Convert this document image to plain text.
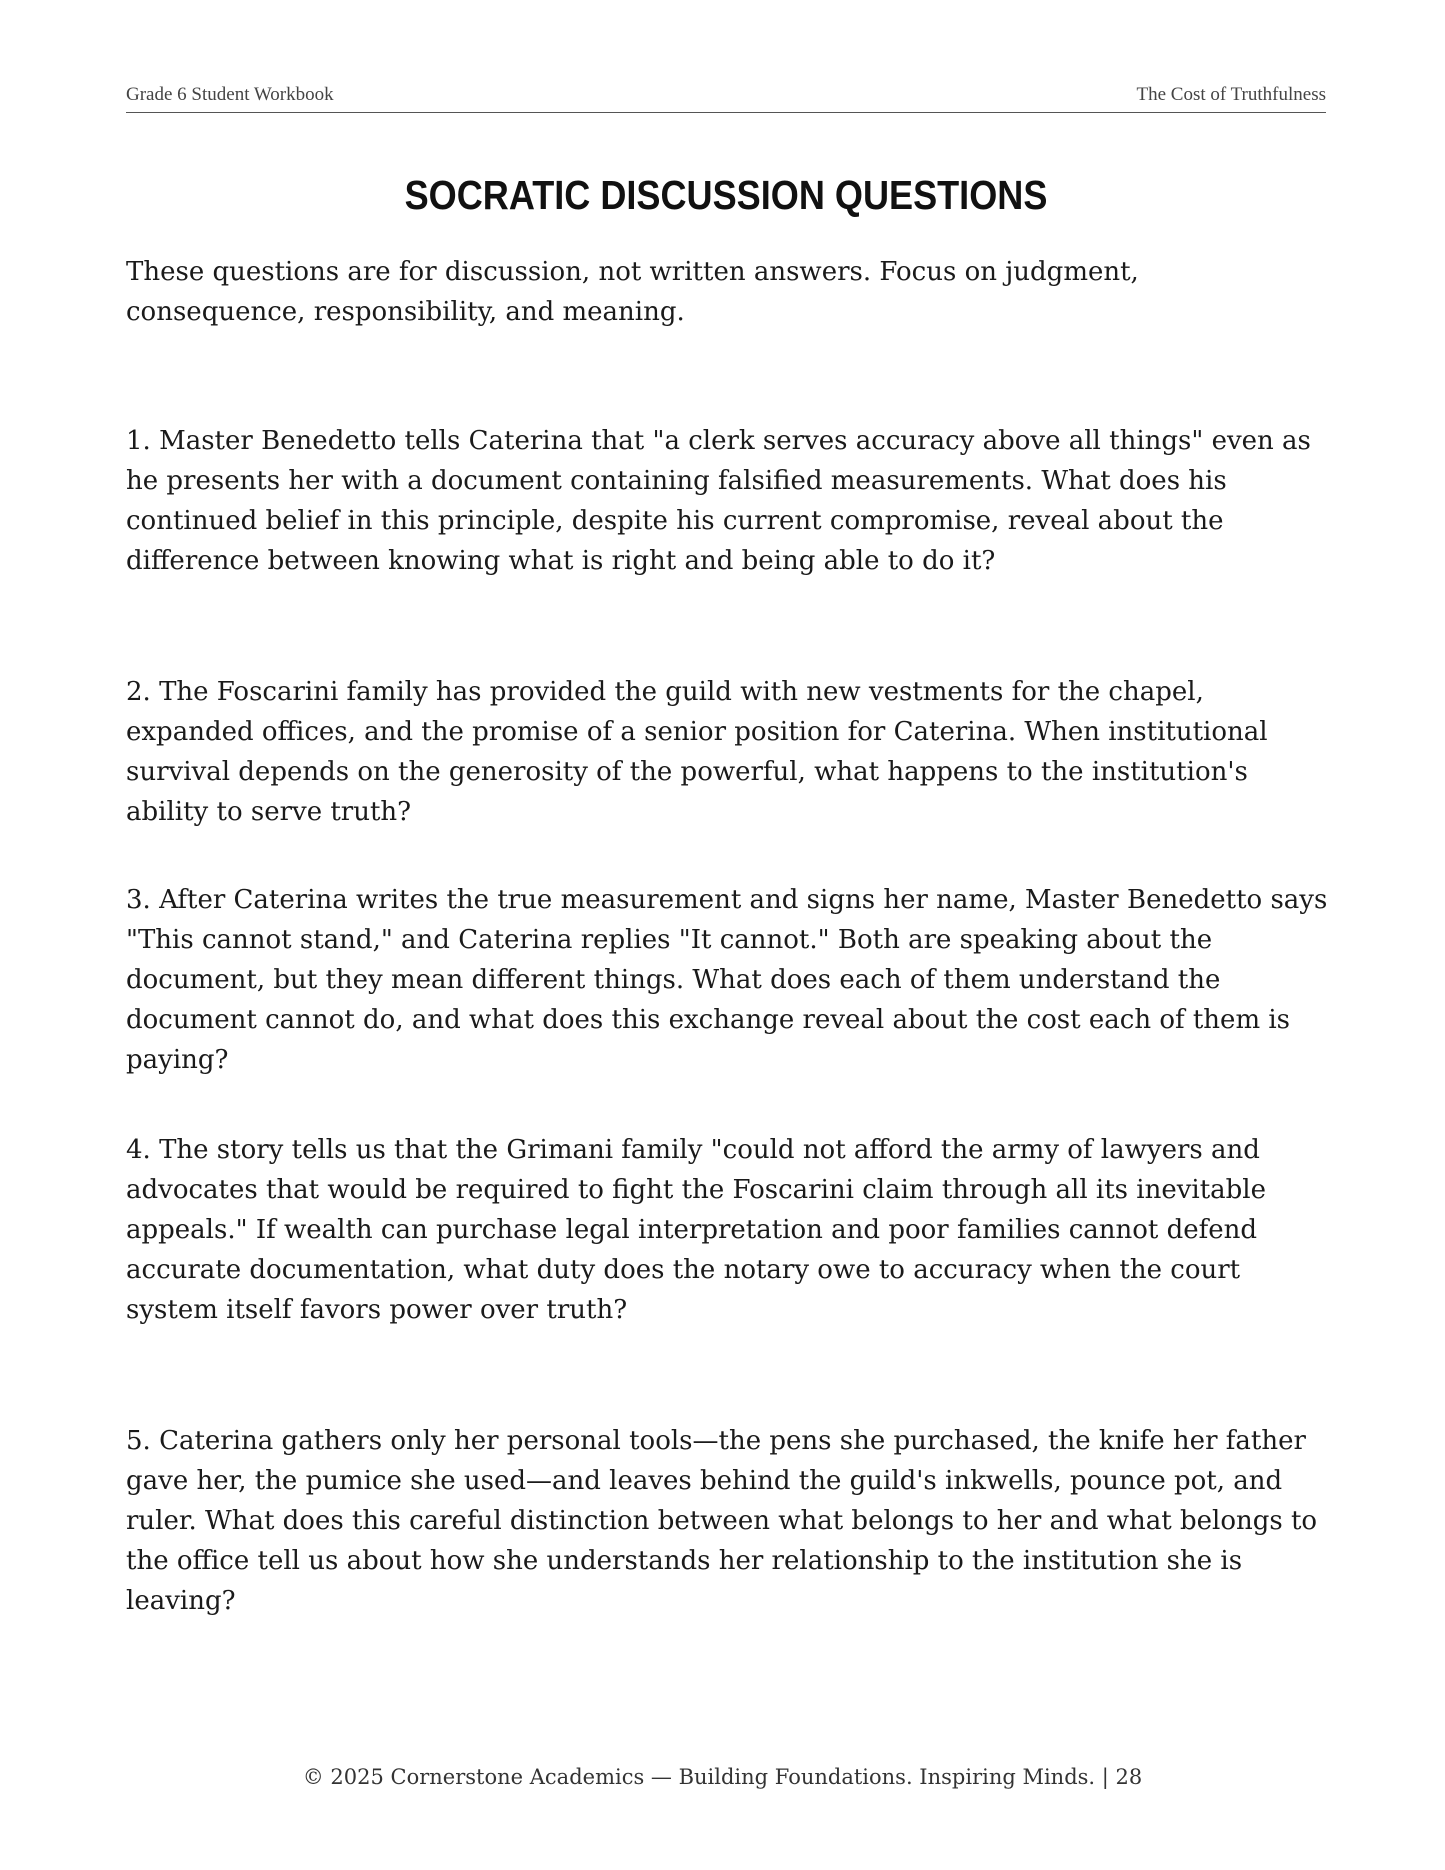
Grade 6 Student Workbook	The Cost of Truthfulness
SOCRATIC DISCUSSION QUESTIONS

These questions are for discussion, not written answers. Focus on judgment, consequence, responsibility, and meaning.

1. Master Benedetto tells Caterina that "a clerk serves accuracy above all things" even as he presents her with a document containing falsified measurements. What does his continued belief in this principle, despite his current compromise, reveal about the difference between knowing what is right and being able to do it?

2. The Foscarini family has provided the guild with new vestments for the chapel, expanded offices, and the promise of a senior position for Caterina. When institutional survival depends on the generosity of the powerful, what happens to the institution's ability to serve truth?

3. After Caterina writes the true measurement and signs her name, Master Benedetto says "This cannot stand," and Caterina replies "It cannot." Both are speaking about the document, but they mean different things. What does each of them understand the document cannot do, and what does this exchange reveal about the cost each of them is paying?

4. The story tells us that the Grimani family "could not afford the army of lawyers and advocates that would be required to fight the Foscarini claim through all its inevitable appeals." If wealth can purchase legal interpretation and poor families cannot defend accurate documentation, what duty does the notary owe to accuracy when the court system itself favors power over truth?

5. Caterina gathers only her personal tools—the pens she purchased, the knife her father gave her, the pumice she used—and leaves behind the guild's inkwells, pounce pot, and ruler. What does this careful distinction between what belongs to her and what belongs to the office tell us about how she understands her relationship to the institution she is leaving?

© 2025 Cornerstone Academics — Building Foundations. Inspiring Minds. | 28
